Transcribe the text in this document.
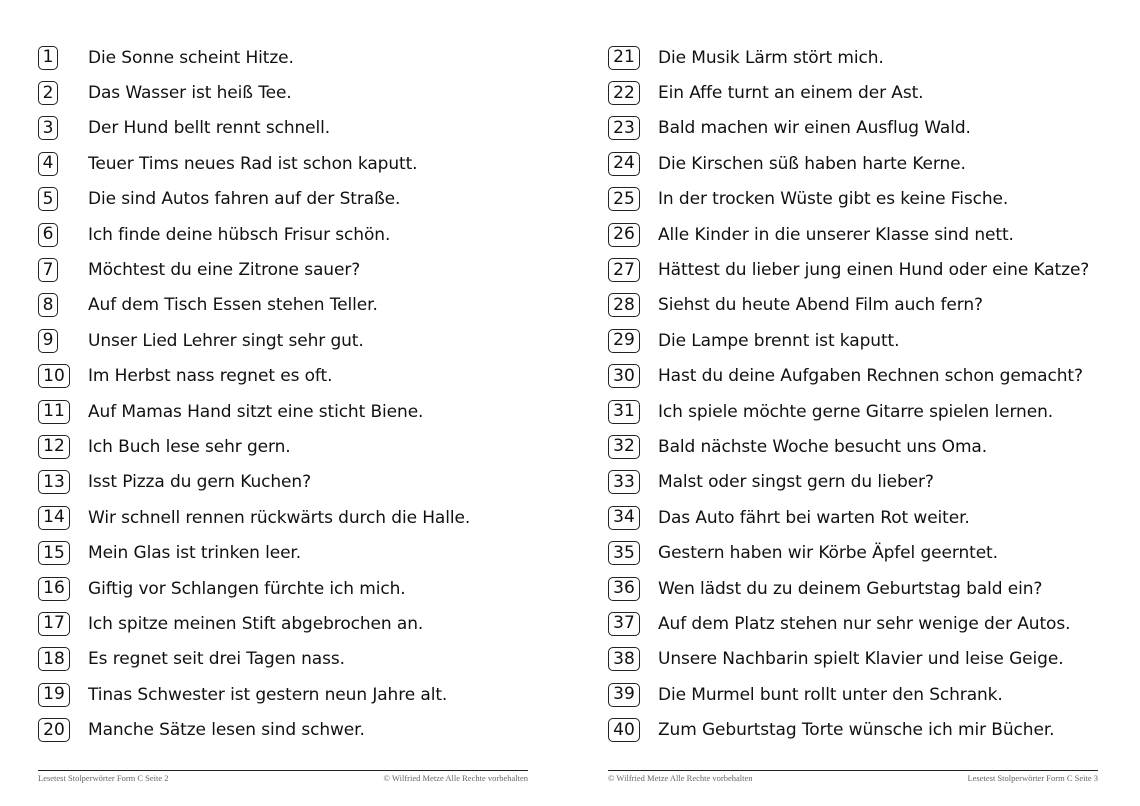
1 Die Sonne scheint Hitze.
2 Das Wasser ist heiß Tee.
3 Der Hund bellt rennt schnell.
4 Teuer Tims neues Rad ist schon kaputt.
5 Die sind Autos fahren auf der Straße.
6 Ich finde deine hübsch Frisur schön.
7 Möchtest du eine Zitrone sauer?
8 Auf dem Tisch Essen stehen Teller.
9 Unser Lied Lehrer singt sehr gut.
10	Im Herbst nass regnet es oft.
11	Auf Mamas Hand sitzt eine sticht Biene.
12	Ich Buch lese sehr gern.
13	Isst Pizza du gern Kuchen?
14	Wir schnell rennen rückwärts durch die Halle.
15	Mein Glas ist trinken leer.
16	Giftig vor Schlangen fürchte ich mich.
17	Ich spitze meinen Stift abgebrochen an.
18	Es regnet seit drei Tagen nass.
19	Tinas Schwester ist gestern neun Jahre alt.
20	Manche Sätze lesen sind schwer.
Lesetest Stolperwörter Form C Seite 2	© Wilfried Metze Alle Rechte vorbehalten
21	Die Musik Lärm stört mich.
22	Ein Affe turnt an einem der Ast.
23	Bald machen wir einen Ausflug Wald.
24	Die Kirschen süß haben harte Kerne.
25	In der trocken Wüste gibt es keine Fische.
26	Alle Kinder in die unserer Klasse sind nett.
27	Hättest du lieber jung einen Hund oder eine Katze?
28	Siehst du heute Abend Film auch fern?
29	Die Lampe brennt ist kaputt.
30	Hast du deine Aufgaben Rechnen schon gemacht?
31	Ich spiele möchte gerne Gitarre spielen lernen.
32	Bald nächste Woche besucht uns Oma.
33	Malst oder singst gern du lieber?
34	Das Auto fährt bei warten Rot weiter.
35	Gestern haben wir Körbe Äpfel geerntet.
36	Wen lädst du zu deinem Geburtstag bald ein?
37	Auf dem Platz stehen nur sehr wenige der Autos.
38	Unsere Nachbarin spielt Klavier und leise Geige.
39	Die Murmel bunt rollt unter den Schrank.
40	Zum Geburtstag Torte wünsche ich mir Bücher.
© Wilfried Metze Alle Rechte vorbehalten	Lesetest Stolperwörter Form C Seite 3
